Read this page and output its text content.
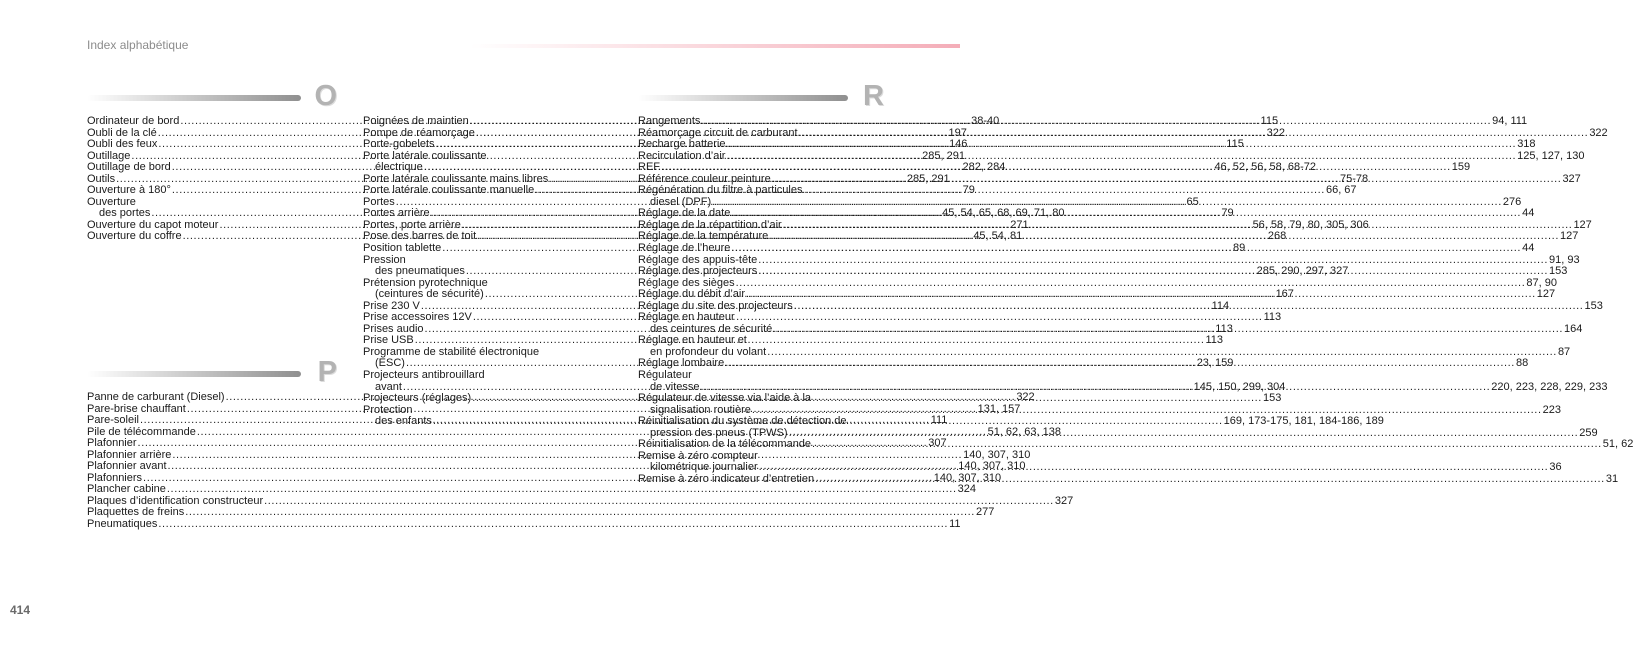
Index alphabétique
O
P
R
Ordinateur de bord .....	38-40
Oubli de la clé .....	197
Oubli des feux .....	146
Outillage .....	285, 291
Outillage de bord .....	282, 284
Outils .....	285, 291
Ouverture à 180° .....	79
Ouverture
des portes .....	45, 54, 65, 68, 69, 71, 80
Ouverture du capot moteur .....	271
Ouverture du coffre .....	45, 54, 81
Panne de carburant (Diesel) .....	322
Pare-brise chauffant .....	131, 157
Pare-soleil .....	111
Pile de télécommande .....	51, 62, 63, 138
Plafonnier .....	307
Plafonnier arrière .....	140, 307, 310
Plafonnier avant .....	140, 307, 310
Plafonniers .....	140, 307, 310
Plancher cabine .....	324
Plaques d’identification constructeur .....	327
Plaquettes de freins .....	277
Pneumatiques .....	11
Poignées de maintien .....	115
Pompe de réamorçage .....	322
Porte-gobelets .....	115
Porte latérale coulissante
électrique .....	46, 52, 56, 58, 68-72
Porte latérale coulissante mains libres .....	75-78
Porte latérale coulissante manuelle .....	66, 67
Portes .....	65
Portes arrière .....	79
Portes, porte arrière .....	56, 58, 79, 80, 305, 306
Pose des barres de toit .....	268
Position tablette .....	89
Pression
des pneumatiques .....	285, 290, 297, 327
Prétension pyrotechnique
(ceintures de sécurité) .....	167
Prise 230 V .....	114
Prise accessoires 12V .....	113
Prises audio .....	113
Prise USB .....	113
Programme de stabilité électronique
(ESC) .....	23, 159
Projecteurs antibrouillard
avant .....	145, 150, 299, 304
Projecteurs (réglages) .....	153
Protection
des enfants .....	169, 173-175, 181, 184-186, 189
Rangements .....	94, 111
Réamorçage circuit de carburant .....	322
Recharge batterie .....	318
Recirculation d’air .....	125, 127, 130
REF .....	159
Référence couleur peinture .....	327
Régénération du filtre à particules
diesel (DPF) .....	276
Réglage de la date .....	44
Réglage de la répartition d’air .....	127
Réglage de la température .....	127
Réglage de l’heure .....	44
Réglage des appuis-tête .....	91, 93
Réglage des projecteurs .....	153
Réglage des sièges .....	87, 90
Réglage du débit d’air .....	127
Réglage du site des projecteurs .....	153
Réglage en hauteur
des ceintures de sécurité .....	164
Réglage en hauteur et
en profondeur du volant .....	87
Réglage lombaire .....	88
Régulateur
de vitesse .....	220, 223, 228, 229, 233
Régulateur de vitesse via l’aide à la
signalisation routière .....	223
Réinitialisation du système de détection de
pression des pneus (TPWS) .....	259
Réinitialisation de la télécommande .....	51, 62
Remise à zéro compteur
kilométrique journalier .....	36
Remise à zéro indicateur d’entretien .....	31
414
